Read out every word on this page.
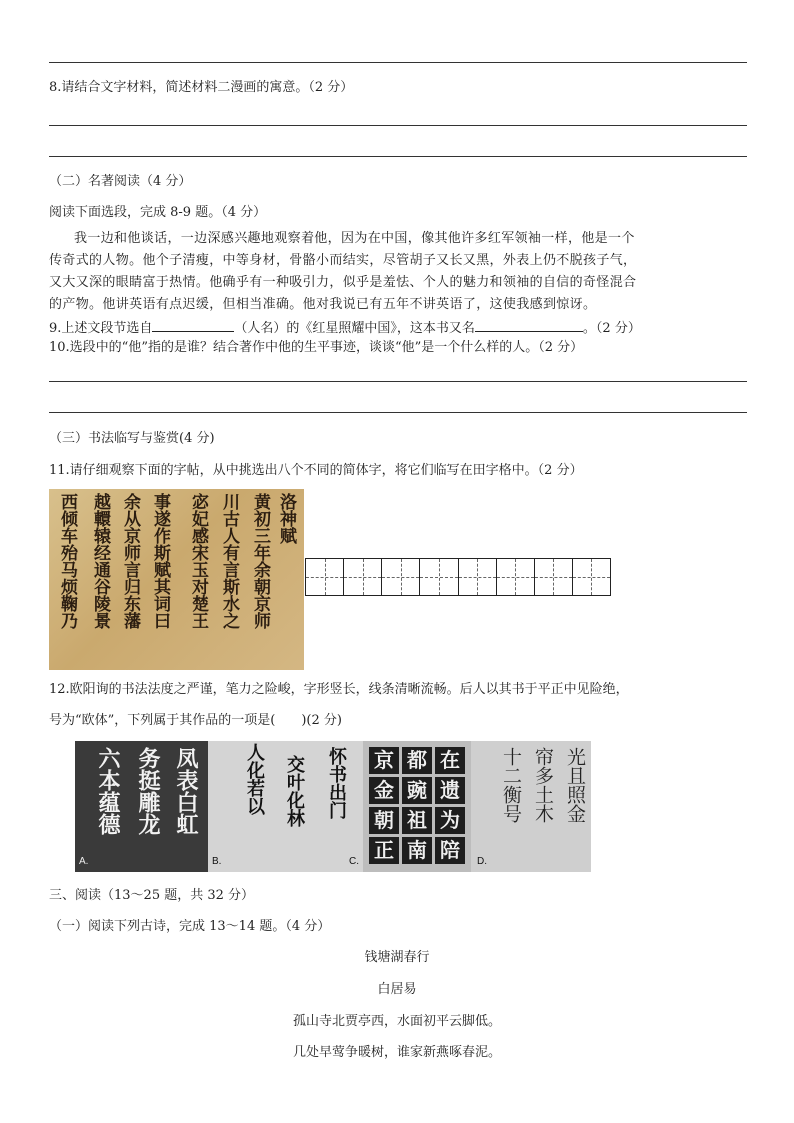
8.请结合文字材料，简述材料二漫画的寓意。（2 分）
（二）名著阅读（4 分）
阅读下面选段，完成 8-9 题。（4 分）
我一边和他谈话，一边深感兴趣地观察着他，因为在中国，像其他许多红军领袖一样，他是一个
传奇式的人物。他个子清瘦，中等身材，骨骼小而结实，尽管胡子又长又黑，外表上仍不脱孩子气，
又大又深的眼睛富于热情。他确乎有一种吸引力，似乎是羞怯、个人的魅力和领袖的自信的奇怪混合
的产物。他讲英语有点迟缓，但相当准确。他对我说已有五年不讲英语了，这使我感到惊讶。
9.上述文段节选自	（人名）的《红星照耀中国》，这本书又名	。（2 分）
10.选段中的“他”指的是谁？结合著作中他的生平事迹，谈谈“他”是一个什么样的人。（2 分）
（三）书法临写与鉴赏(4 分)
11.请仔细观察下面的字帖，从中挑选出八个不同的简体字，将它们临写在田字格中。（2 分）
洛神赋
黄初三年余朝京师
川古人有言斯水之
宓妃感宋玉对楚王
事遂作斯赋其词曰
余从京师言归东藩
越轘辕经通谷陵景
西倾车殆马烦鞠乃
12.欧阳询的书法法度之严谨，笔力之险峻，字形竖长，线条清晰流畅。后人以其书于平正中见险绝，
号为“欧体”，下列属于其作品的一项是(　　)(2 分)
凤表白虹
务挺雕龙
六本蕴德
A.
怀书出门
交叶化林
人化若以
B.
在
遗
为
陪
都
豌
祖
南
京
金
朝
正
C.
光且照金
帘多土木
十二衡号
D.
三、阅读（13～25 题，共 32 分）
（一）阅读下列古诗，完成 13～14 题。（4 分）
钱塘湖春行
白居易
孤山寺北贾亭西，水面初平云脚低。
几处早莺争暖树，谁家新燕啄春泥。
